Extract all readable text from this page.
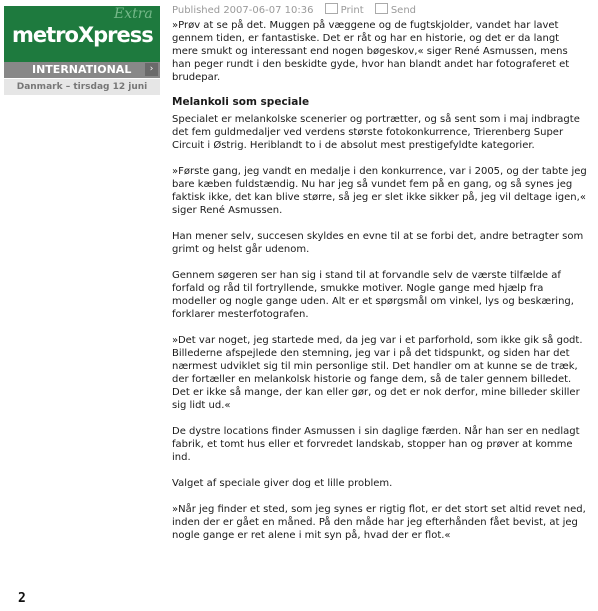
metroXpress
Extra
INTERNATIONAL	›
Danmark – tirsdag 12 juni
2
Published 2007-06-07 10:36	Print	Send

»Prøv at se på det. Muggen på væggene og de fugtskjolder, vandet har lavet gennem tiden, er fantastiske. Det er råt og har en historie, og det er da langt mere smukt og interessant end nogen bøgeskov,« siger René Asmussen, mens han peger rundt i den beskidte gyde, hvor han blandt andet har fotograferet et brudepar.

Melankoli som speciale

Specialet er melankolske scenerier og portrætter, og så sent som i maj indbragte det fem guldmedaljer ved verdens største fotokonkurrence, Trierenberg Super Circuit i Østrig. Heriblandt to i de absolut mest prestigefyldte kategorier.

»Første gang, jeg vandt en medalje i den konkurrence, var i 2005, og der tabte jeg bare kæben fuldstændig. Nu har jeg så vundet fem på en gang, og så synes jeg faktisk ikke, det kan blive større, så jeg er slet ikke sikker på, jeg vil deltage igen,« siger René Asmussen.

Han mener selv, succesen skyldes en evne til at se forbi det, andre betragter som grimt og helst går udenom.

Gennem søgeren ser han sig i stand til at forvandle selv de værste tilfælde af forfald og råd til fortryllende, smukke motiver. Nogle gange med hjælp fra modeller og nogle gange uden. Alt er et spørgsmål om vinkel, lys og beskæring, forklarer mesterfotografen.

»Det var noget, jeg startede med, da jeg var i et parforhold, som ikke gik så godt. Billederne afspejlede den stemning, jeg var i på det tidspunkt, og siden har det nærmest udviklet sig til min personlige stil. Det handler om at kunne se de træk, der fortæller en melankolsk historie og fange dem, så de taler gennem billedet. Det er ikke så mange, der kan eller gør, og det er nok derfor, mine billeder skiller sig lidt ud.«

De dystre locations finder Asmussen i sin daglige færden. Når han ser en nedlagt fabrik, et tomt hus eller et forvredet landskab, stopper han og prøver at komme ind.

Valget af speciale giver dog et lille problem.

»Når jeg finder et sted, som jeg synes er rigtig flot, er det stort set altid revet ned, inden der er gået en måned. På den måde har jeg efterhånden fået bevist, at jeg nogle gange er ret alene i mit syn på, hvad der er flot.«
